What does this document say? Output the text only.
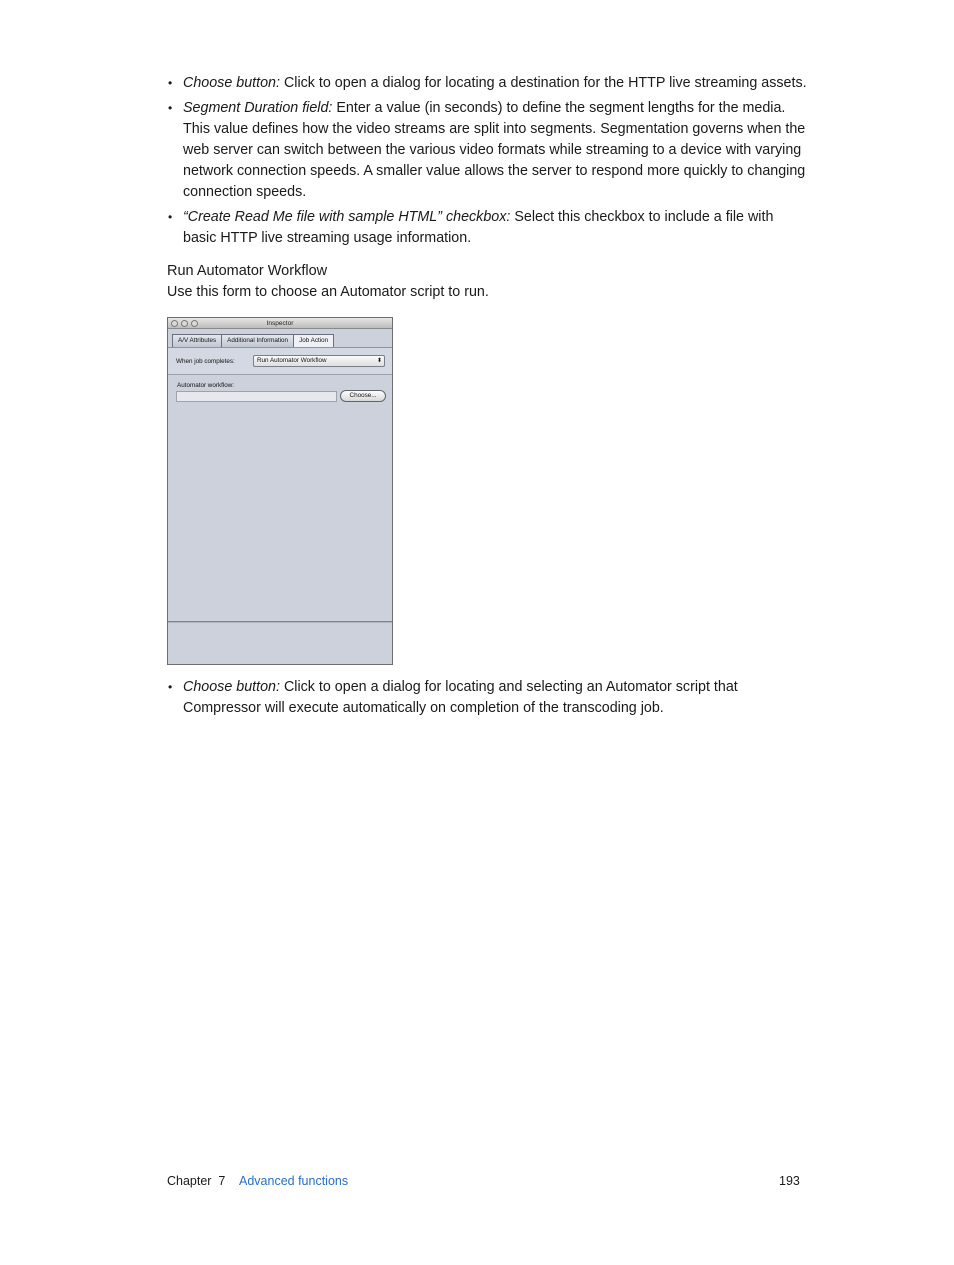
• Choose button: Click to open a dialog for locating a destination for the HTTP live streaming assets.
• Segment Duration field: Enter a value (in seconds) to define the segment lengths for the media. This value defines how the video streams are split into segments. Segmentation governs when the web server can switch between the various video formats while streaming to a device with varying network connection speeds. A smaller value allows the server to respond more quickly to changing connection speeds.
• “Create Read Me file with sample HTML” checkbox: Select this checkbox to include a file with basic HTTP live streaming usage information.
Run Automator Workflow
Use this form to choose an Automator script to run.
Inspector
A/V Attributes	Additional Information	Job Action
When job completes:	Run Automator Workflow	⬍
Automator workflow:
Choose...
• Choose button: Click to open a dialog for locating and selecting an Automator script that Compressor will execute automatically on completion of the transcoding job.
Chapter  7 Advanced functions	193
